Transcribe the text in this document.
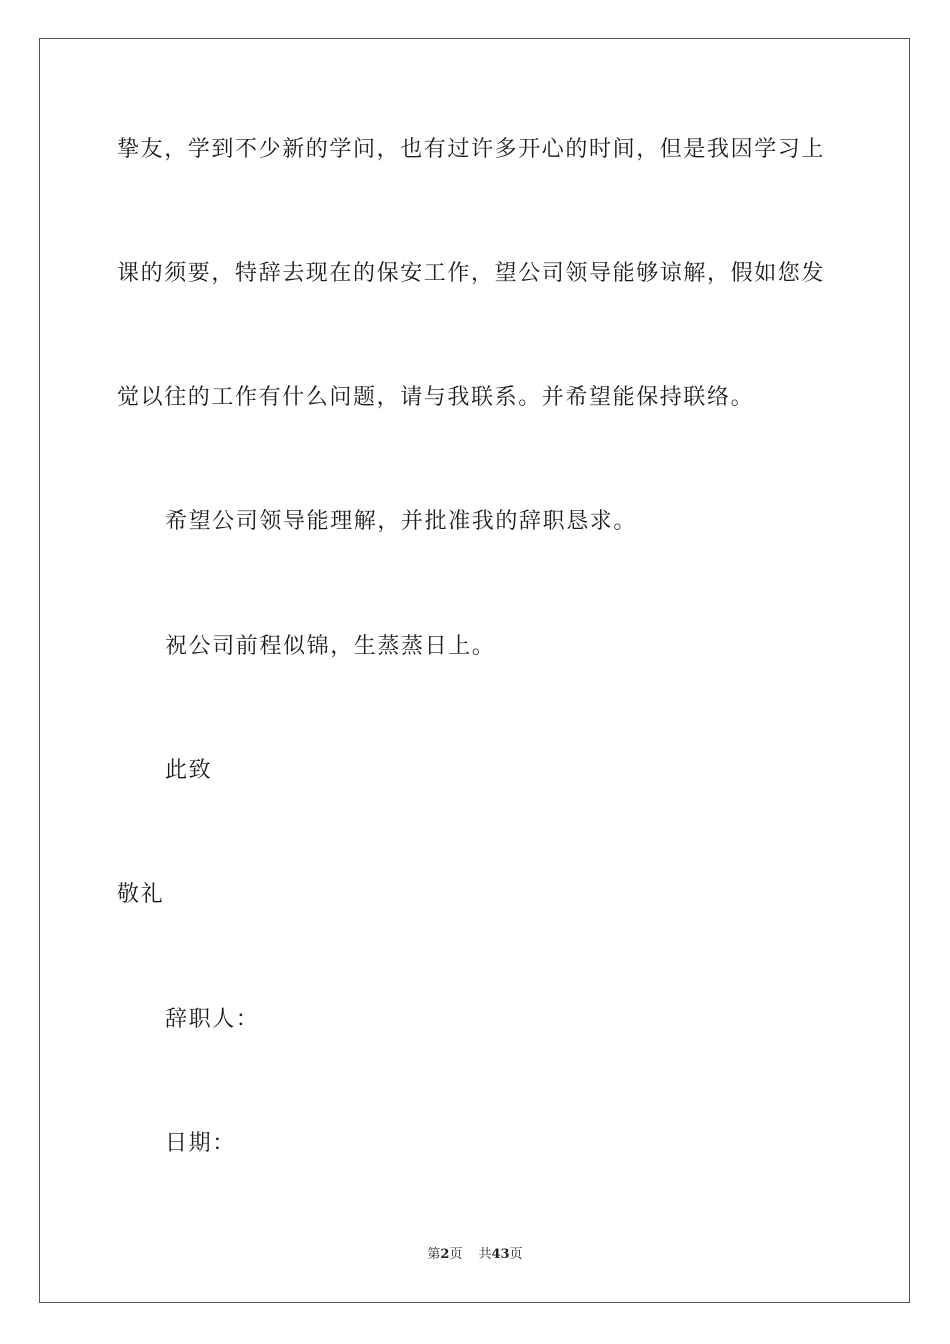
挚友，学到不少新的学问，也有过许多开心的时间，但是我因学习上

课的须要，特辞去现在的保安工作，望公司领导能够谅解，假如您发

觉以往的工作有什么问题，请与我联系。并希望能保持联络。

希望公司领导能理解，并批准我的辞职恳求。

祝公司前程似锦，生蒸蒸日上。

此致

敬礼

辞职人：

日期：

第2页 共43页
